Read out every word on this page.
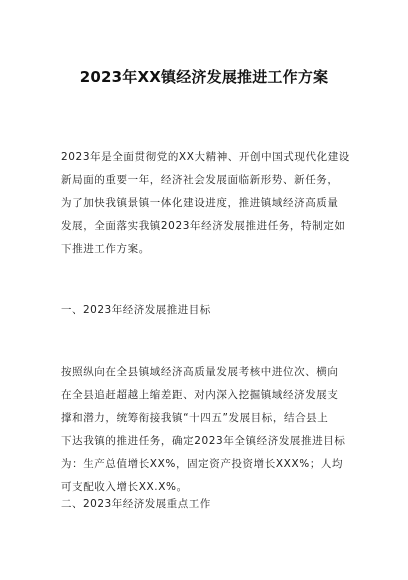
2023年XX镇经济发展推进工作方案
2023年是全面贯彻党的XX大精神、开创中国式现代化建设
新局面的重要一年，经济社会发展面临新形势、新任务，
为了加快我镇景镇一体化建设进度，推进镇域经济高质量
发展，全面落实我镇2023年经济发展推进任务，特制定如
下推进工作方案。
一、2023年经济发展推进目标
按照纵向在全县镇域经济高质量发展考核中进位次、横向
在全县追赶超越上缩差距、对内深入挖掘镇域经济发展支
撑和潜力，统筹衔接我镇“十四五”发展目标，结合县上
下达我镇的推进任务，确定2023年全镇经济发展推进目标
为：生产总值增长XX%，固定资产投资增长XXX%；人均
可支配收入增长XX.X%。
二、2023年经济发展重点工作
